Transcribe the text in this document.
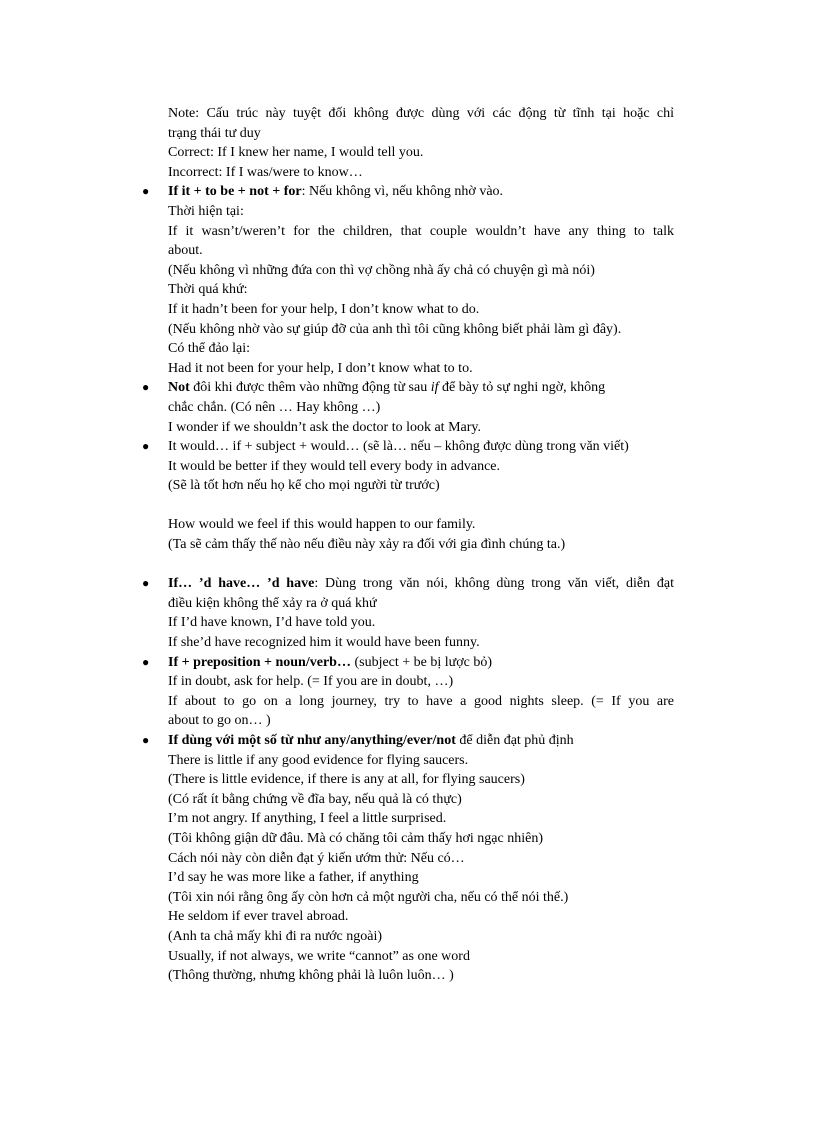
Note: Cấu trúc này tuyệt đối không được dùng với các động từ tĩnh tại hoặc chỉ
trạng thái tư duy
Correct: If I knew her name, I would tell you.
Incorrect: If I was/were to know…
● If it + to be + not + for: Nếu không vì, nếu không nhờ vào.
Thời hiện tại:
If it wasn’t/weren’t for the children, that couple wouldn’t have any thing to talk
about.
(Nếu không vì những đứa con thì vợ chồng nhà ấy chả có chuyện gì mà nói)
Thời quá khứ:
If it hadn’t been for your help, I don’t know what to do.
(Nếu không nhờ vào sự giúp đỡ của anh thì tôi cũng không biết phải làm gì đây).
Có thể đảo lại:
Had it not been for your help, I don’t know what to to.
● Not đôi khi được thêm vào những động từ sau if để bày tỏ sự nghi ngờ, không
chắc chắn. (Có nên … Hay không …)
I wonder if we shouldn’t ask the doctor to look at Mary.
● It would… if + subject + would… (sẽ là… nếu – không được dùng trong văn viết)
It would be better if they would tell every body in advance.
(Sẽ là tốt hơn nếu họ kể cho mọi người từ trước)
How would we feel if this would happen to our family.
(Ta sẽ cảm thấy thế nào nếu điều này xảy ra đối với gia đình chúng ta.)
● If… ’d have… ’d have: Dùng trong văn nói, không dùng trong văn viết, diễn đạt
điều kiện không thể xảy ra ở quá khứ
If I’d have known, I’d have told you.
If she’d have recognized him it would have been funny.
● If + preposition + noun/verb… (subject + be bị lược bỏ)
If in doubt, ask for help. (= If you are in doubt, …)
If about to go on a long journey, try to have a good nights sleep. (= If you are
about to go on… )
● If dùng với một số từ như any/anything/ever/not để diễn đạt phủ định
There is little if any good evidence for flying saucers.
(There is little evidence, if there is any at all, for flying saucers)
(Có rất ít bằng chứng về đĩa bay, nếu quả là có thực)
I’m not angry. If anything, I feel a little surprised.
(Tôi không giận dữ đâu. Mà có chăng tôi cảm thấy hơi ngạc nhiên)
Cách nói này còn diễn đạt ý kiến ướm thử: Nếu có…
I’d say he was more like a father, if anything
(Tôi xin nói rằng ông ấy còn hơn cả một người cha, nếu có thể nói thế.)
He seldom if ever travel abroad.
(Anh ta chả mấy khi đi ra nước ngoài)
Usually, if not always, we write “cannot” as one word
(Thông thường, nhưng không phải là luôn luôn… )
